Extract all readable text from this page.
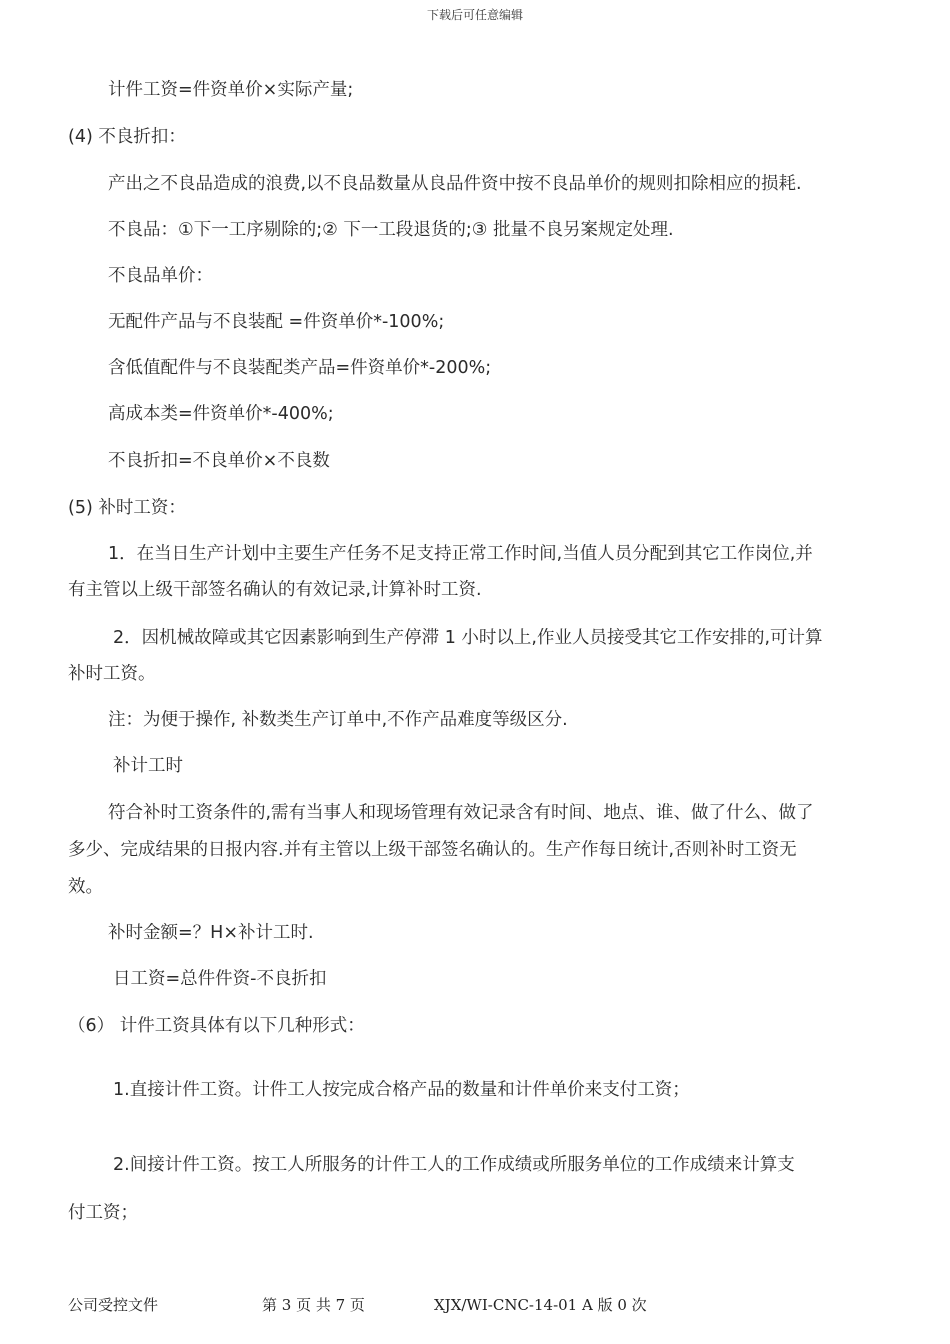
下载后可任意编辑
计件工资=件资单价×实际产量;
(4) 不良折扣：
产出之不良品造成的浪费,以不良品数量从良品件资中按不良品单价的规则扣除相应的损耗.
不良品：①下一工序剔除的;② 下一工段退货的;③ 批量不良另案规定处理.
不良品单价：
无配件产品与不良装配 =件资单价*-100%;
含低值配件与不良装配类产品=件资单价*-200%;
高成本类=件资单价*-400%;
不良折扣=不良单价×不良数
(5) 补时工资：
1．在当日生产计划中主要生产任务不足支持正常工作时间,当值人员分配到其它工作岗位,并
有主管以上级干部签名确认的有效记录,计算补时工资.
2．因机械故障或其它因素影响到生产停滞 1 小时以上,作业人员接受其它工作安排的,可计算
补时工资。
注：为便于操作, 补数类生产订单中,不作产品难度等级区分.
补计工时
符合补时工资条件的,需有当事人和现场管理有效记录含有时间、地点、谁、做了什么、做了
多少、完成结果的日报内容.并有主管以上级干部签名确认的。生产作每日统计,否则补时工资无
效。
补时金额=？H×补计工时.
日工资=总件件资-不良折扣
（6） 计件工资具体有以下几种形式：
1.直接计件工资。计件工人按完成合格产品的数量和计件单价来支付工资；
2.间接计件工资。按工人所服务的计件工人的工作成绩或所服务单位的工作成绩来计算支
付工资；
公司受控文件	第 3 页 共 7 页	XJX/WI-CNC-14-01 A 版 0 次
